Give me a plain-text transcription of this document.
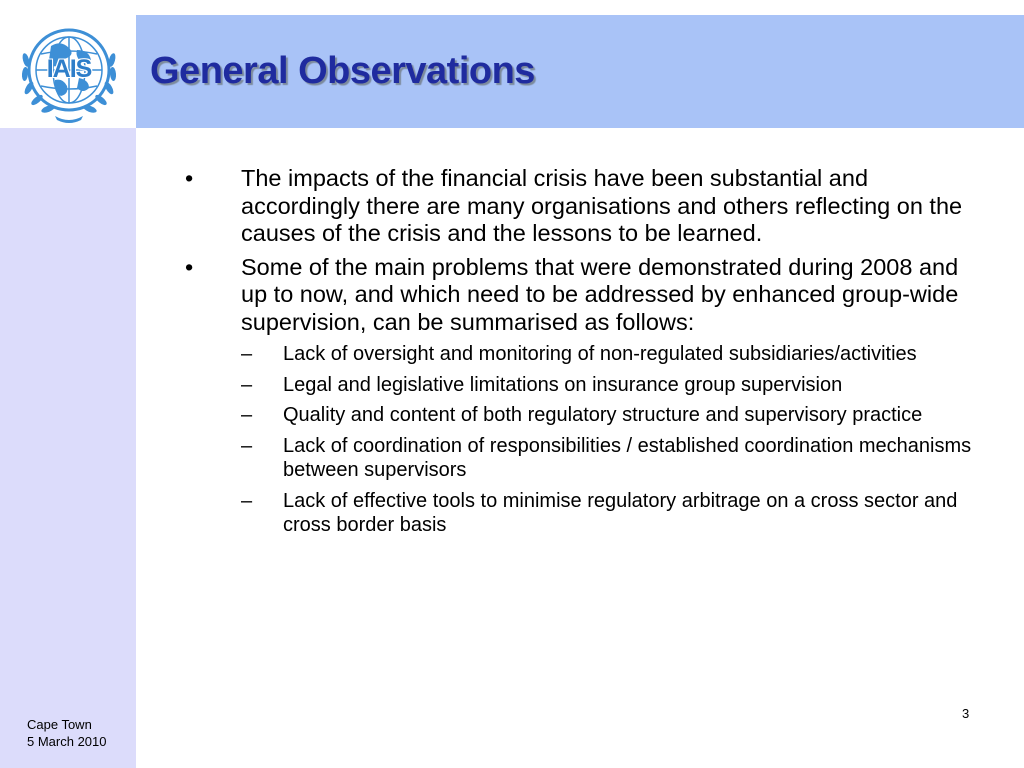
IAIS General Observations
• The impacts of the financial crisis have been substantial and accordingly there are many organisations and others reflecting on the causes of the crisis and the lessons to be learned.
• Some of the main problems that were demonstrated during 2008 and up to now, and which need to be addressed by enhanced group-wide supervision, can be summarised as follows:
– Lack of oversight and monitoring of non-regulated subsidiaries/activities
– Legal and legislative limitations on insurance group supervision
– Quality and content of both regulatory structure and supervisory practice
– Lack of coordination of responsibilities / established coordination mechanisms between supervisors
– Lack of effective tools to minimise regulatory arbitrage on a cross sector and cross border basis
Cape Town
5 March 2010
3
